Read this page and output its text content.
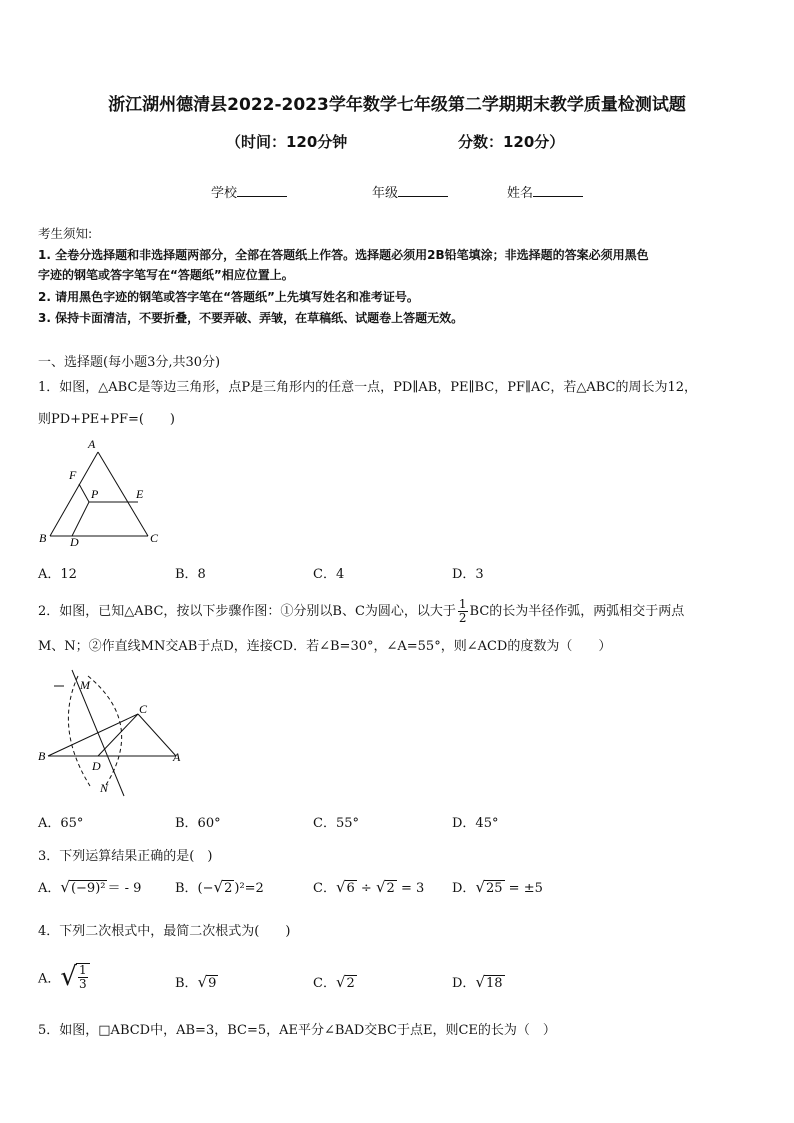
浙江湖州德清县2022-2023学年数学七年级第二学期期末教学质量检测试题
（时间：120分钟	分数：120分）
学校	年级	姓名
考生须知:
1. 全卷分选择题和非选择题两部分，全部在答题纸上作答。选择题必须用2B铅笔填涂；非选择题的答案必须用黑色
字迹的钢笔或答字笔写在“答题纸”相应位置上。
2. 请用黑色字迹的钢笔或答字笔在“答题纸”上先填写姓名和准考证号。
3. 保持卡面清洁，不要折叠，不要弄破、弄皱，在草稿纸、试题卷上答题无效。
一、选择题(每小题3分,共30分)
1．如图，△ABC是等边三角形，点P是三角形内的任意一点，PD∥AB，PE∥BC，PF∥AC，若△ABC的周长为12，
则PD+PE+PF=(　　)
A
F
P	E
B D	C
A．12	B．8	C．4	D．3
2．如图，已知△ABC，按以下步骤作图：①分别以B、C为圆心，以大于 $\frac{1}{2}$ BC的长为半径作弧，两弧相交于两点
M、N；②作直线MN交AB于点D，连接CD．若∠B=30°，∠A=55°，则∠ACD的度数为（　　）
M
C
B
D
A
N
A．65°	B．60°	C．55°	D．45°
3．下列运算结果正确的是(　)
A．√(−9)² ＝ - 9	B．(−√2 )²=2	C．√6 ÷ √2 = 3 D．√25 = ±5
4．下列二次根式中，最简二次根式为(　　)
A．√ $\frac{1}{3}$	B．√9	C．√2	D．√18
5．如图，□ABCD中，AB=3，BC=5，AE平分∠BAD交BC于点E，则CE的长为（　）
